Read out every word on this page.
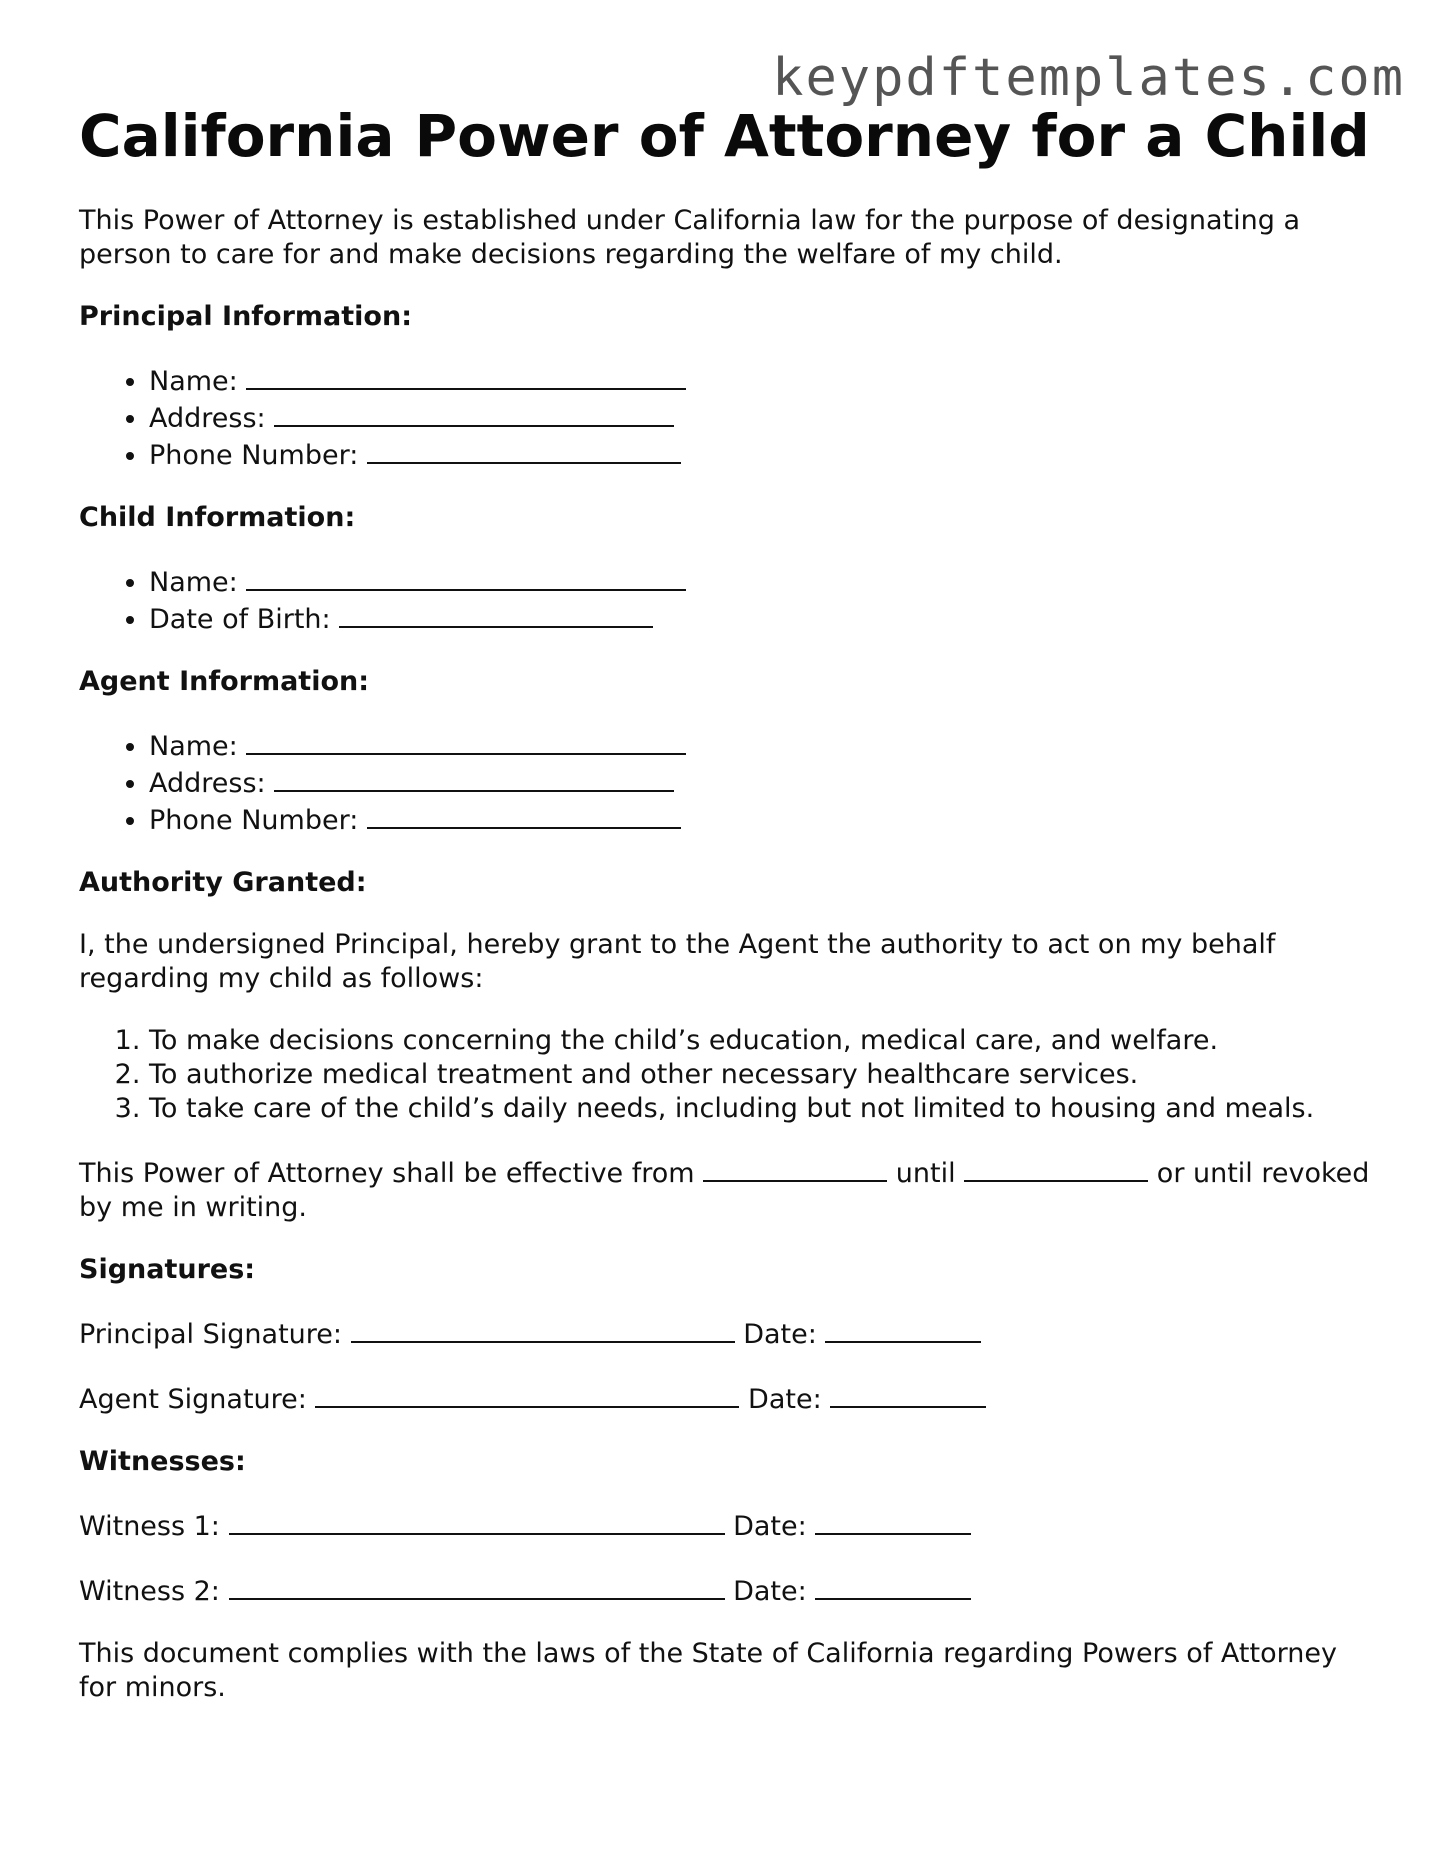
keypdftemplates.com
California Power of Attorney for a Child

This Power of Attorney is established under California law for the purpose of designating a person to care for and make decisions regarding the welfare of my child.

Principal Information:
• Name:
• Address:
• Phone Number:
Child Information:
• Name:
• Date of Birth:
Agent Information:
• Name:
• Address:
• Phone Number:
Authority Granted:

I, the undersigned Principal, hereby grant to the Agent the authority to act on my behalf regarding my child as follows:

1. To make decisions concerning the child’s education, medical care, and welfare.
2. To authorize medical treatment and other necessary healthcare services.
3. To take care of the child’s daily needs, including but not limited to housing and meals.

This Power of Attorney shall be effective from	until	or until revoked by me in writing.

Signatures:

Principal Signature:	Date:

Agent Signature:	Date:

Witnesses:

Witness 1:	Date:

Witness 2:	Date:

This document complies with the laws of the State of California regarding Powers of Attorney for minors.
